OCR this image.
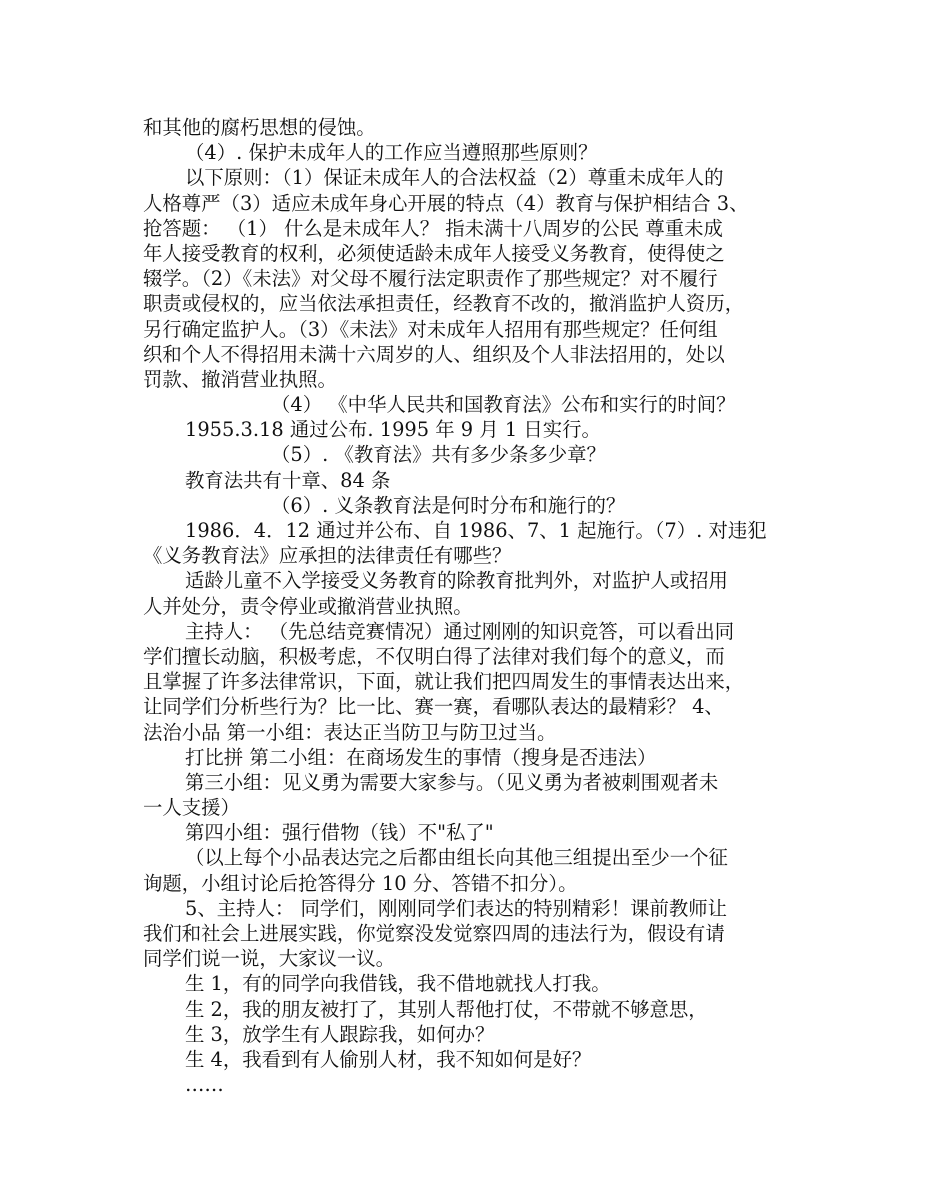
和其他的腐朽思想的侵蚀。
（4）. 保护未成年人的工作应当遵照那些原则？
以下原则：（1）保证未成年人的合法权益（2）尊重未成年人的
人格尊严（3）适应未成年身心开展的特点（4）教育与保护相结合 3、
抢答题： （1） 什么是未成年人？ 指未满十八周岁的公民 尊重未成
年人接受教育的权利，必须使适龄未成年人接受义务教育，使得使之
辍学。（2）《未法》对父母不履行法定职责作了那些规定？对不履行
职责或侵权的，应当依法承担责任，经教育不改的，撤消监护人资历，
另行确定监护人。（3）《未法》对未成年人招用有那些规定？任何组
织和个人不得招用未满十六周岁的人、组织及个人非法招用的，处以
罚款、撤消营业执照。
（4） 《中华人民共和国教育法》公布和实行的时间？
1955.3.18 通过公布. 1995 年 9 月 1 日实行。
（5）. 《教育法》共有多少条多少章？
教育法共有十章、84 条
（6）. 义条教育法是何时分布和施行的？
1986．4．12 通过并公布、自 1986、7、1 起施行。（7）. 对违犯
《义务教育法》应承担的法律责任有哪些？
适龄儿童不入学接受义务教育的除教育批判外，对监护人或招用
人并处分，责令停业或撤消营业执照。
主持人： （先总结竞赛情况）通过刚刚的知识竞答，可以看出同
学们擅长动脑，积极考虑，不仅明白得了法律对我们每个的意义，而
且掌握了许多法律常识，下面，就让我们把四周发生的事情表达出来，
让同学们分析些行为？比一比、赛一赛，看哪队表达的最精彩？ 4、
法治小品 第一小组：表达正当防卫与防卫过当。
打比拼 第二小组：在商场发生的事情（搜身是否违法）
第三小组：见义勇为需要大家参与。（见义勇为者被刺围观者未
一人支援）
第四小组：强行借物（钱）不"私了"
（以上每个小品表达完之后都由组长向其他三组提出至少一个征
询题，小组讨论后抢答得分 10 分、答错不扣分）。
5、主持人： 同学们，刚刚同学们表达的特别精彩！课前教师让
我们和社会上进展实践，你觉察没发觉察四周的违法行为，假设有请
同学们说一说，大家议一议。
生 1，有的同学向我借钱，我不借地就找人打我。
生 2，我的朋友被打了，其别人帮他打仗，不带就不够意思，
生 3，放学生有人跟踪我，如何办？
生 4，我看到有人偷别人材，我不知如何是好？
……
